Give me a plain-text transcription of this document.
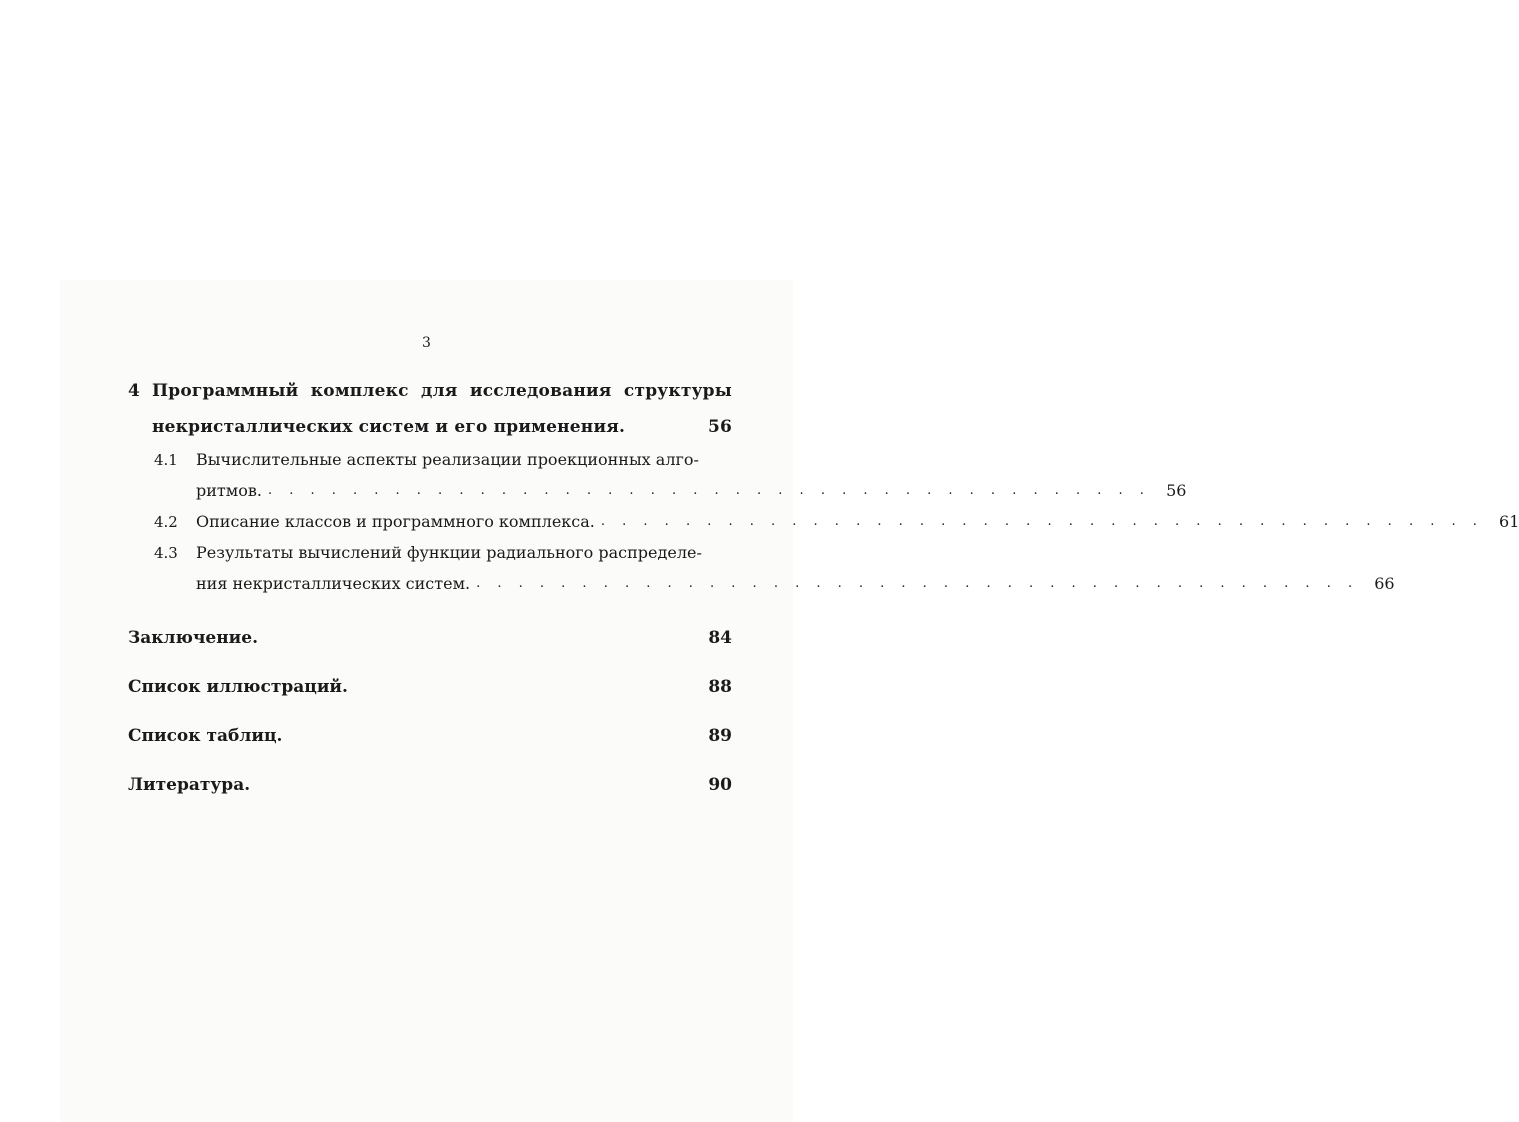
3
4 Программный комплекс для исследования структуры
некристаллических систем и его применения.	56
4.1	Вычислительные аспекты реализации проекционных алго-
ритмов. . . . . . . . . . . . . . . . . . . . . . . . . . . . . . . . . . . . . . . . . . . 56
4.2	Описание классов и программного комплекса. . . . . . . . . . . . . . . . . . . . . . . . . . . . . . . . . . . . . . . . . . . 61
4.3	Результаты вычислений функции радиального распределе-
ния некристаллических систем. . . . . . . . . . . . . . . . . . . . . . . . . . . . . . . . . . . . . . . . . . . 66
Заключение.	84
Список иллюстраций.	88
Список таблиц.	89
Литература.	90
